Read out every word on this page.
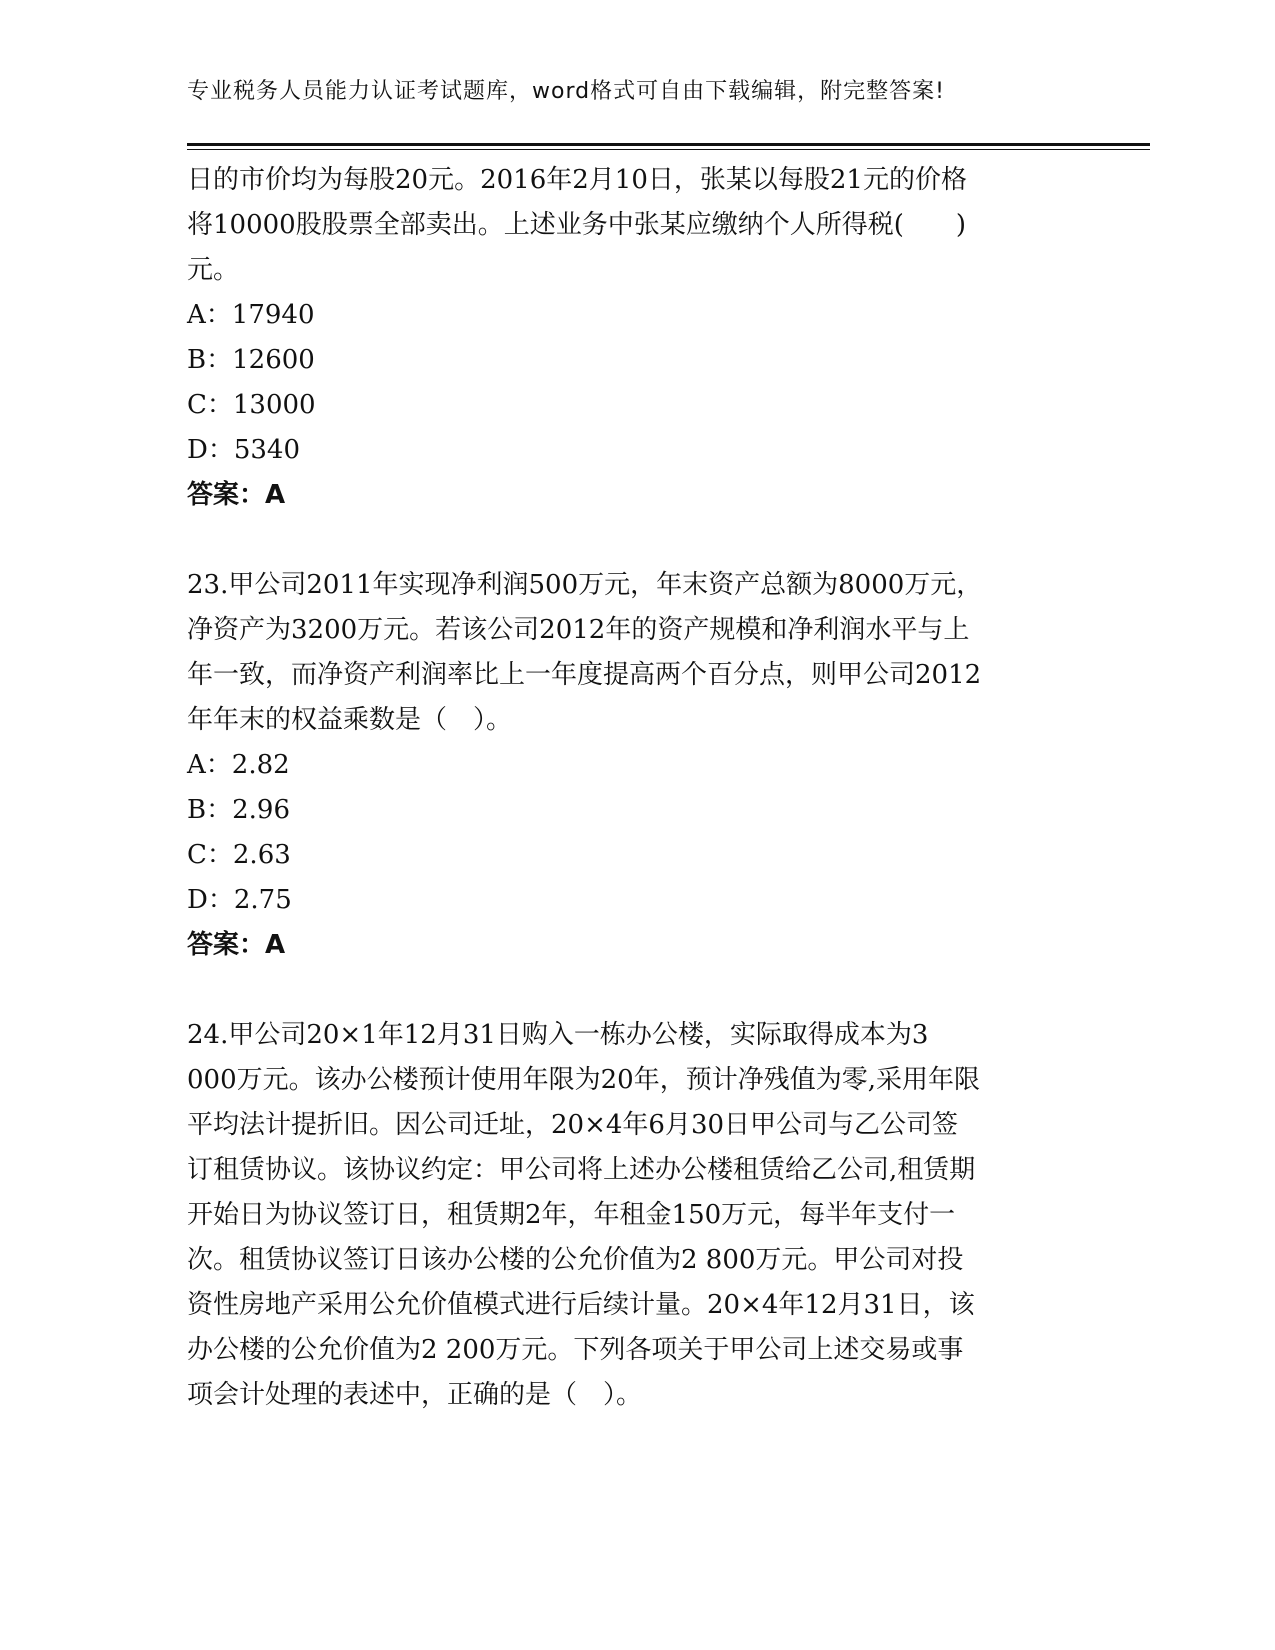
专业税务人员能力认证考试题库，word格式可自由下载编辑，附完整答案!

日的市价均为每股20元。2016年2月10日，张某以每股21元的价格

将10000股股票全部卖出。上述业务中张某应缴纳个人所得税(　　)

元。

A：17940

B：12600

C：13000

D：5340

答案：A

23.甲公司2011年实现净利润500万元，年末资产总额为8000万元，

净资产为3200万元。若该公司2012年的资产规模和净利润水平与上

年一致，而净资产利润率比上一年度提高两个百分点，则甲公司2012

年年末的权益乘数是（　）。

A：2.82

B：2.96

C：2.63

D：2.75

答案：A

24.甲公司20×1年12月31日购入一栋办公楼，实际取得成本为3

000万元。该办公楼预计使用年限为20年，预计净残值为零,采用年限

平均法计提折旧。因公司迁址，20×4年6月30日甲公司与乙公司签

订租赁协议。该协议约定：甲公司将上述办公楼租赁给乙公司,租赁期

开始日为协议签订日，租赁期2年，年租金150万元，每半年支付一

次。租赁协议签订日该办公楼的公允价值为2 800万元。甲公司对投

资性房地产采用公允价值模式进行后续计量。20×4年12月31日，该

办公楼的公允价值为2 200万元。下列各项关于甲公司上述交易或事

项会计处理的表述中，正确的是（　）。
